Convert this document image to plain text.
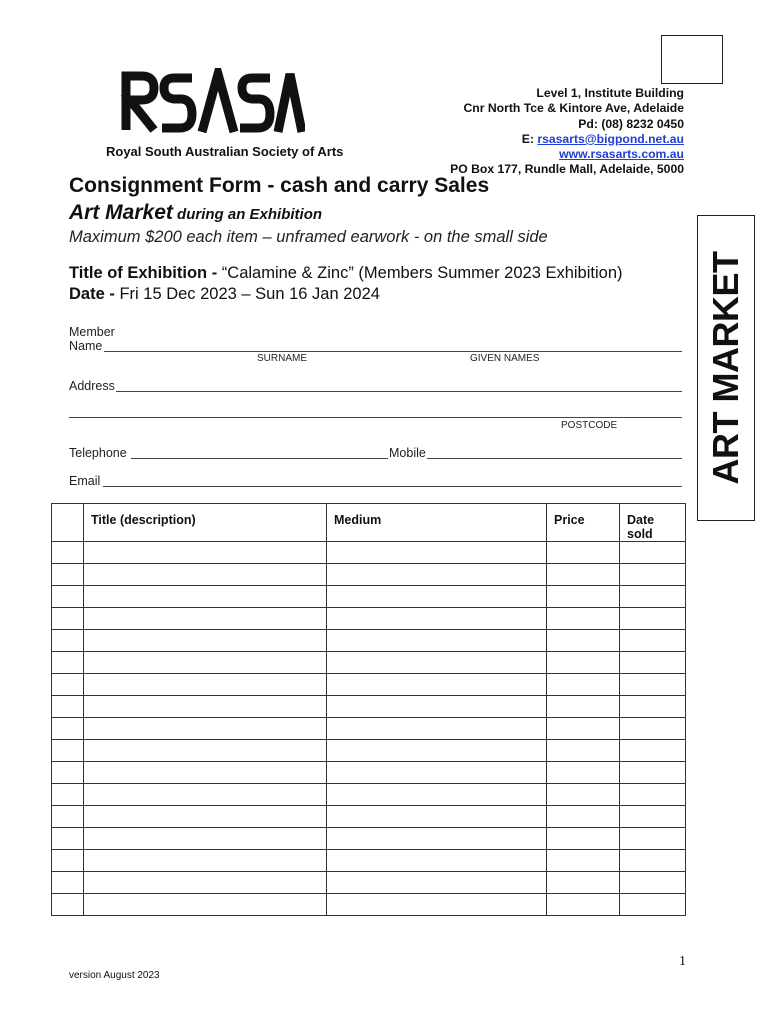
Royal South Australian Society of Arts
Level 1, Institute Building
Cnr North Tce & Kintore Ave, Adelaide
Pd: (08) 8232 0450
E: rsasarts@bigpond.net.au
www.rsasarts.com.au
PO Box 177, Rundle Mall, Adelaide, 5000
Consignment Form - cash and carry Sales
Art Market during an Exhibition
Maximum $200 each item – unframed earwork - on the small side
Title of Exhibition - “Calamine & Zinc” (Members Summer 2023 Exhibition)
Date - Fri 15 Dec 2023 – Sun 16 Jan 2024
Member
Name
SURNAME	GIVEN NAMES
Address
POSTCODE
Telephone	Mobile
Email	ART MARKET
	Title (description)	Medium	Price	Date sold

1
version August 2023
